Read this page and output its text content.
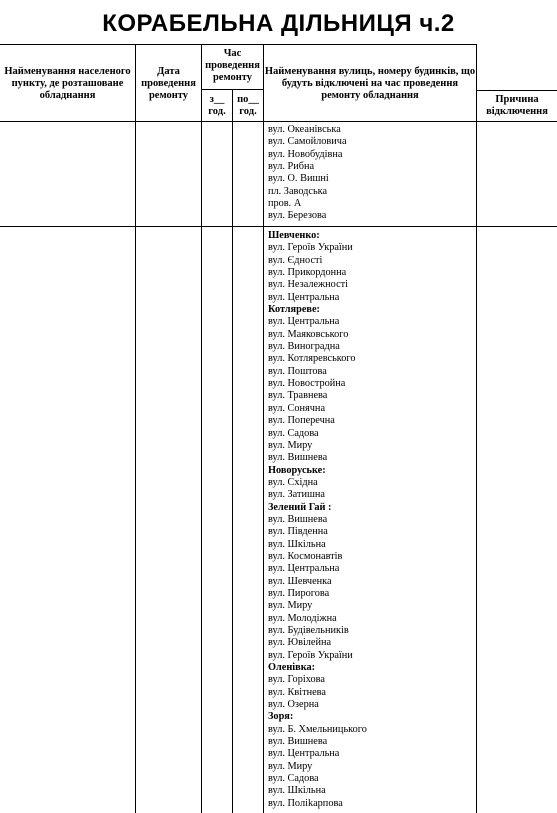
КОРАБЕЛЬНА ДІЛЬНИЦЯ ч.2
Найменування населеного пункту, де розташоване обладнання
Дата проведення ремонту
Час проведення ремонту
з__ год.
по__ год.
Найменування вулиць, номеру будинків, що будуть відключені на час проведення ремонту обладнання	Причина відключення
вул. Океанівська
вул. Самойловича
вул. Новобудівна
вул. Рибна
вул. О. Вишні
пл. Заводська
пров. А
вул. Березова
Шевченко:
вул. Героїв України
вул. Єдності
вул. Прикордонна
вул. Незалежності
вул. Центральна
Котляреве:
вул. Центральна
вул. Маяковського
вул. Виноградна
вул. Котляревського
вул. Поштова
вул. Новостройна
вул. Травнева
вул. Сонячна
вул. Поперечна
вул. Садова
вул. Миру
вул. Вишнева
Новоруське:
вул. Східна
вул. Затишна
Зелений Гай :
вул. Вишнева
вул. Південна
вул. Шкільна
вул. Космонавтів
вул. Центральна
вул. Шевченка
вул. Пирогова
вул. Миру
вул. Молодіжна
вул. Будівельників
вул. Ювілейна
вул. Героїв України
Оленівка:
вул. Горіхова
вул. Квітнева
вул. Озерна
Зоря:
вул. Б. Хмельницького
вул. Вишнева
вул. Центральна
вул. Миру
вул. Садова
вул. Шкільна
вул. Поліkарпова
